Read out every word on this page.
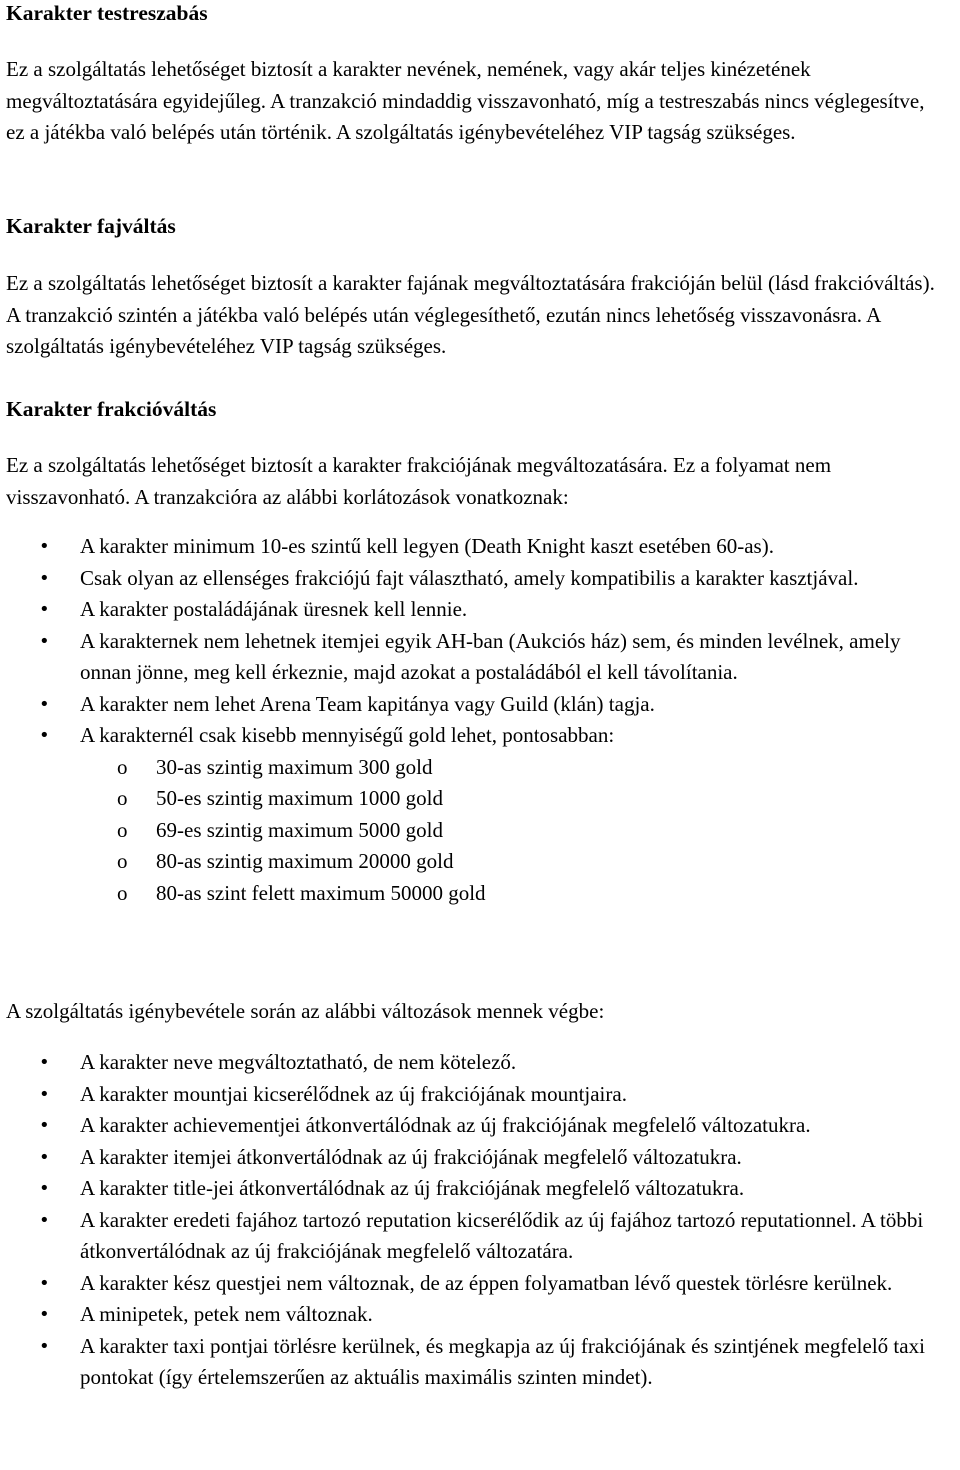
Karakter testreszabás

Ez a szolgáltatás lehetőséget biztosít a karakter nevének, nemének, vagy akár teljes kinézetének megváltoztatására egyidejűleg. A tranzakció mindaddig visszavonható, míg a testreszabás nincs véglegesítve, ez a játékba való belépés után történik. A szolgáltatás igénybevételéhez VIP tagság szükséges.

Karakter fajváltás

Ez a szolgáltatás lehetőséget biztosít a karakter fajának megváltoztatására frakcióján belül (lásd frakcióváltás). A tranzakció szintén a játékba való belépés után véglegesíthető, ezután nincs lehetőség visszavonásra. A szolgáltatás igénybevételéhez VIP tagság szükséges.

Karakter frakcióváltás

Ez a szolgáltatás lehetőséget biztosít a karakter frakciójának megváltozatására. Ez a folyamat nem visszavonható. A tranzakcióra az alábbi korlátozások vonatkoznak:

• A karakter minimum 10-es szintű kell legyen (Death Knight kaszt esetében 60-as).
• Csak olyan az ellenséges frakciójú fajt választható, amely kompatibilis a karakter kasztjával.
• A karakter postaládájának üresnek kell lennie.
• A karakternek nem lehetnek itemjei egyik AH-ban (Aukciós ház) sem, és minden levélnek, amely onnan jönne, meg kell érkeznie, majd azokat a postaládából el kell távolítania.
• A karakter nem lehet Arena Team kapitánya vagy Guild (klán) tagja.
• A karakternél csak kisebb mennyiségű gold lehet, pontosabban:
o 30-as szintig maximum 300 gold
o 50-es szintig maximum 1000 gold
o 69-es szintig maximum 5000 gold
o 80-as szintig maximum 20000 gold
o 80-as szint felett maximum 50000 gold

A szolgáltatás igénybevétele során az alábbi változások mennek végbe:

• A karakter neve megváltoztatható, de nem kötelező.
• A karakter mountjai kicserélődnek az új frakciójának mountjaira.
• A karakter achievementjei átkonvertálódnak az új frakciójának megfelelő változatukra.
• A karakter itemjei átkonvertálódnak az új frakciójának megfelelő változatukra.
• A karakter title-jei átkonvertálódnak az új frakciójának megfelelő változatukra.
• A karakter eredeti fajához tartozó reputation kicserélődik az új fajához tartozó reputationnel. A többi átkonvertálódnak az új frakciójának megfelelő változatára.
• A karakter kész questjei nem változnak, de az éppen folyamatban lévő questek törlésre kerülnek.
• A minipetek, petek nem változnak.
• A karakter taxi pontjai törlésre kerülnek, és megkapja az új frakciójának és szintjének megfelelő taxi pontokat (így értelemszerűen az aktuális maximális szinten mindet).
